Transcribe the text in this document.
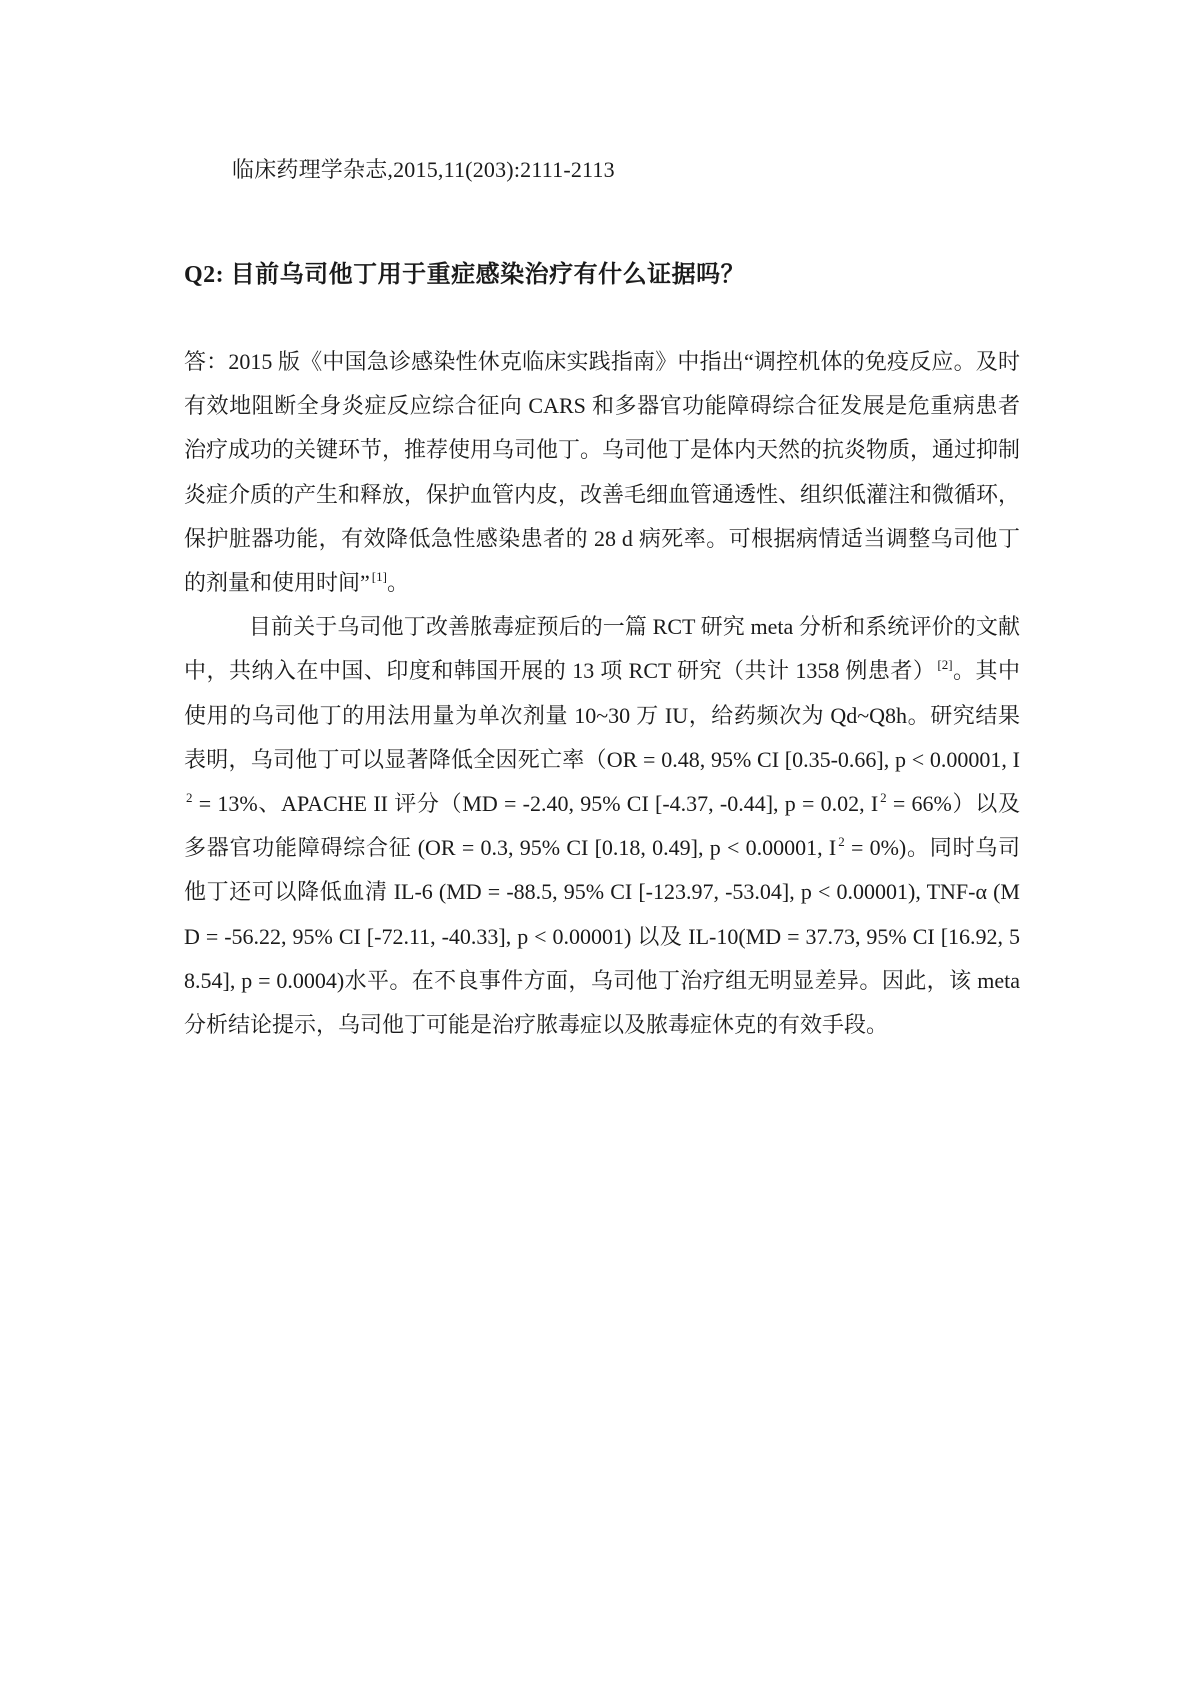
临床药理学杂志,2015,11(203):2111-2113
Q2: 目前乌司他丁用于重症感染治疗有什么证据吗？

答：2015 版《中国急诊感染性休克临床实践指南》中指出“调控机体的免疫反应。及时有效地阻断全身炎症反应综合征向 CARS 和多器官功能障碍综合征发展是危重病患者治疗成功的关键环节，推荐使用乌司他丁。乌司他丁是体内天然的抗炎物质，通过抑制炎症介质的产生和释放，保护血管内皮，改善毛细血管通透性、组织低灌注和微循环，保护脏器功能，有效降低急性感染患者的 28 d 病死率。可根据病情适当调整乌司他丁的剂量和使用时间” [1]。

目前关于乌司他丁改善脓毒症预后的一篇 RCT 研究 meta 分析和系统评价的文献中，共纳入在中国、印度和韩国开展的 13 项 RCT 研究（共计 1358 例患者） [2]。其中使用的乌司他丁的用法用量为单次剂量 10~30 万 IU，给药频次为 Qd~Q8h。研究结果表明，乌司他丁可以显著降低全因死亡率（OR = 0.48, 95% CI [0.35-0.66], p < 0.00001, $I^2 = 13\%$、APACHE II 评分（MD = -2.40, 95% CI [-4.37, -0.44], p = 0.02, I $^2$ = 66%）以及多器官功能障碍综合征 (OR = 0.3, 95% CI [0.18, 0.49], p < 0.00001, I $^2$ = 0%)。同时乌司他丁还可以降低血清 IL-6 (MD = -88.5, 95% CI [-123.97, -53.04], p < 0.00001), TNF-α (MD = -56.22, 95% CI [-72.11, -40.33], p < 0.00001) 以及 IL-10(MD = 37.73, 95% CI [16.92, 58.54], p = 0.0004)水平。在不良事件方面，乌司他丁治疗组无明显差异。因此，该 meta 分析结论提示，乌司他丁可能是治疗脓毒症以及脓毒症休克的有效手段。
